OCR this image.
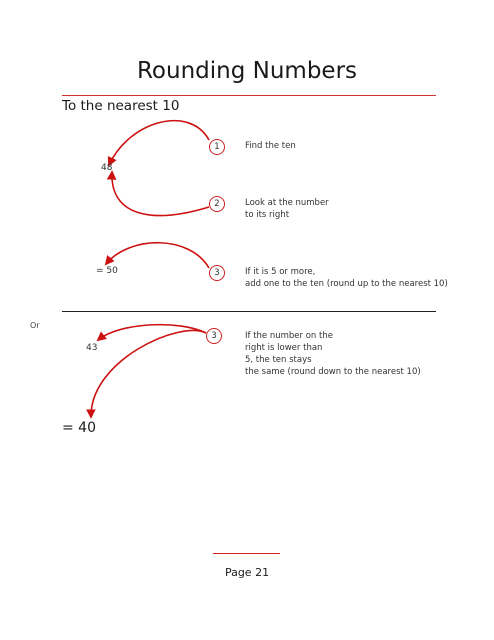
Rounding Numbers
To the nearest 10
48
1	Find the ten
2	Look at the number
to its right
= 50	3	If it is 5 or more,
add one to the ten (round up to the nearest 10)
Or
43
3	If the number on the
right is lower than
5, the ten stays
the same (round down to the nearest 10)
= 40
Page 21
